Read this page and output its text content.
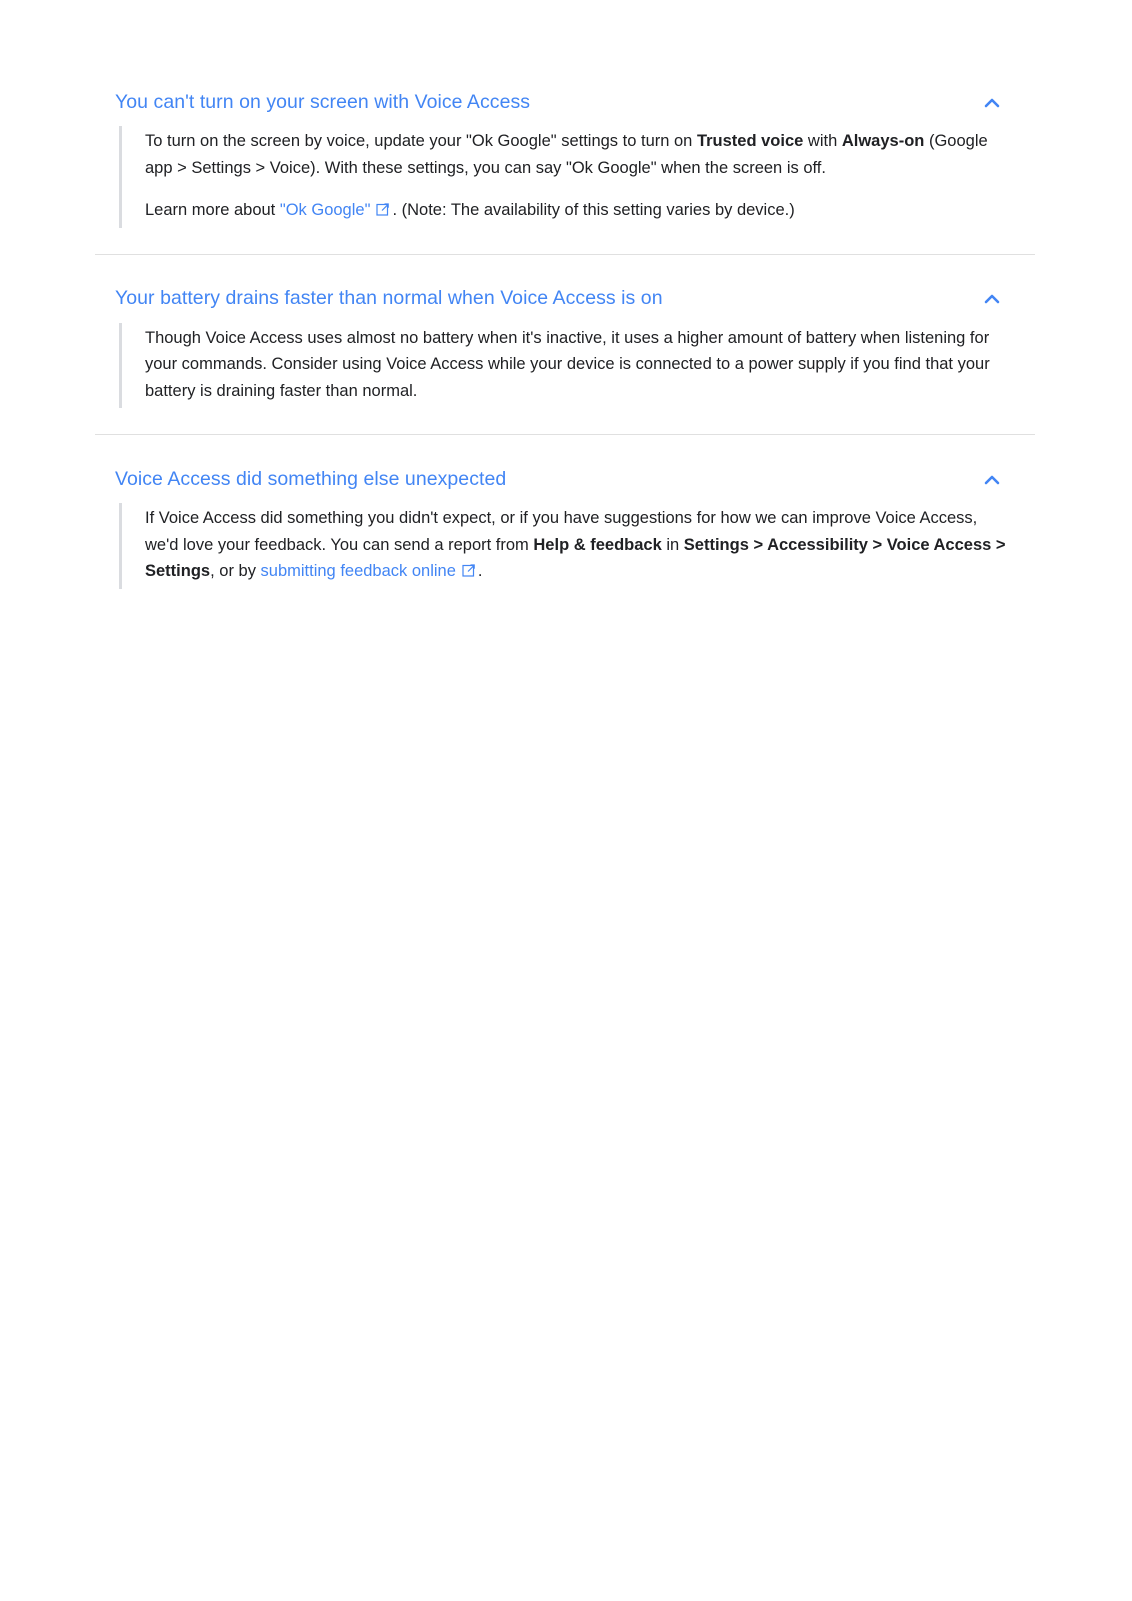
You can't turn on your screen with Voice Access

To turn on the screen by voice, update your "Ok Google" settings to turn on Trusted voice with Always-on (Google app > Settings > Voice). With these settings, you can say "Ok Google" when the screen is off.

Learn more about "Ok Google" . (Note: The availability of this setting varies by device.)

Your battery drains faster than normal when Voice Access is on

Though Voice Access uses almost no battery when it's inactive, it uses a higher amount of battery when listening for your commands. Consider using Voice Access while your device is connected to a power supply if you find that your battery is draining faster than normal.

Voice Access did something else unexpected

If Voice Access did something you didn't expect, or if you have suggestions for how we can improve Voice Access, we'd love your feedback. You can send a report from Help & feedback in Settings > Accessibility > Voice Access > Settings, or by submitting feedback online .
